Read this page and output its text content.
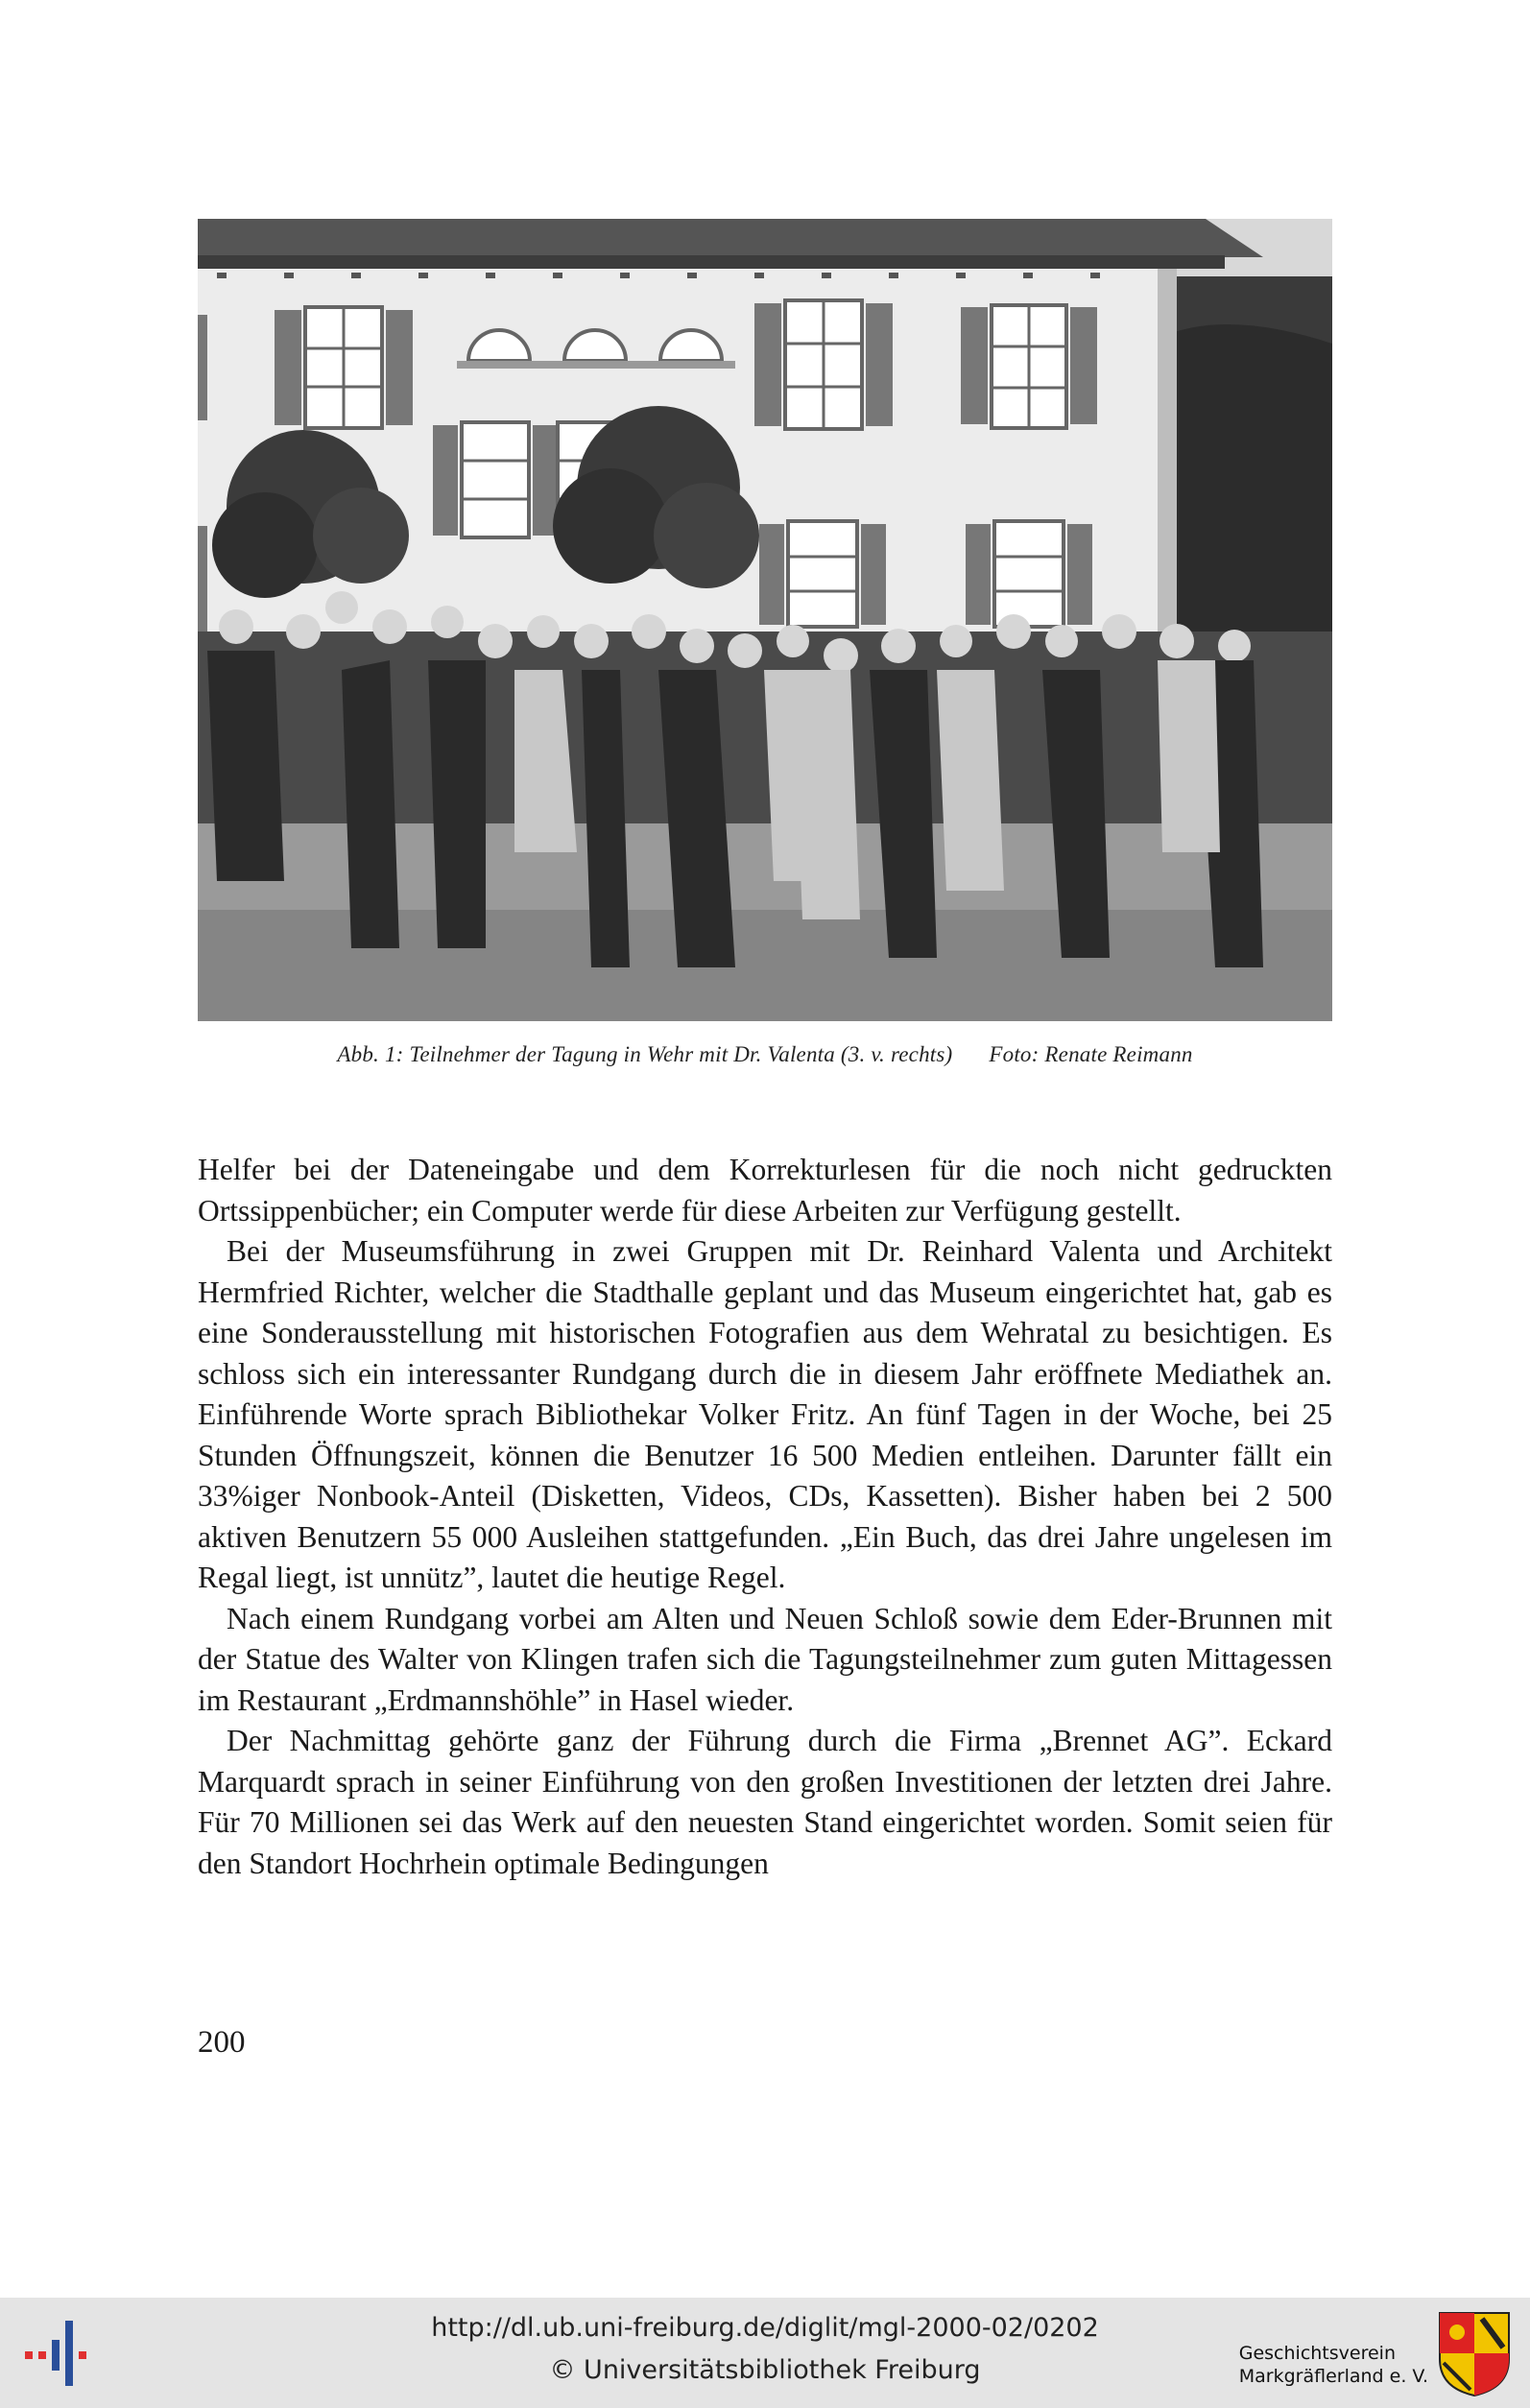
Abb. 1: Teilnehmer der Tagung in Wehr mit Dr. Valenta (3. v. rechts) Foto: Renate Reimann

Helfer bei der Dateneingabe und dem Korrekturlesen für die noch nicht gedruckten Ortssippenbücher; ein Computer werde für diese Arbeiten zur Verfügung gestellt.

Bei der Museumsführung in zwei Gruppen mit Dr. Reinhard Valenta und Architekt Hermfried Richter, welcher die Stadthalle geplant und das Museum eingerichtet hat, gab es eine Sonderausstellung mit historischen Fotografien aus dem Wehratal zu besichtigen. Es schloss sich ein interessanter Rundgang durch die in diesem Jahr eröffnete Mediathek an. Einführende Worte sprach Bibliothekar Volker Fritz. An fünf Tagen in der Woche, bei 25 Stunden Öffnungszeit, können die Benutzer 16 500 Medien entleihen. Darunter fällt ein 33%iger Nonbook-Anteil (Disketten, Videos, CDs, Kassetten). Bisher haben bei 2 500 aktiven Benutzern 55 000 Ausleihen stattgefunden. „Ein Buch, das drei Jahre ungelesen im Regal liegt, ist unnütz”, lautet die heutige Regel.

Nach einem Rundgang vorbei am Alten und Neuen Schloß sowie dem Eder-Brunnen mit der Statue des Walter von Klingen trafen sich die Tagungsteilnehmer zum guten Mittagessen im Restaurant „Erdmannshöhle” in Hasel wieder.

Der Nachmittag gehörte ganz der Führung durch die Firma „Brennet AG”. Eckard Marquardt sprach in seiner Einführung von den großen Investitionen der letzten drei Jahre. Für 70 Millionen sei das Werk auf den neuesten Stand eingerichtet worden. Somit seien für den Standort Hochrhein optimale Bedingungen

200
http://dl.ub.uni-freiburg.de/diglit/mgl-2000-02/0202
© Universitätsbibliothek Freiburg
Geschichtsverein
Markgräflerland e. V.
